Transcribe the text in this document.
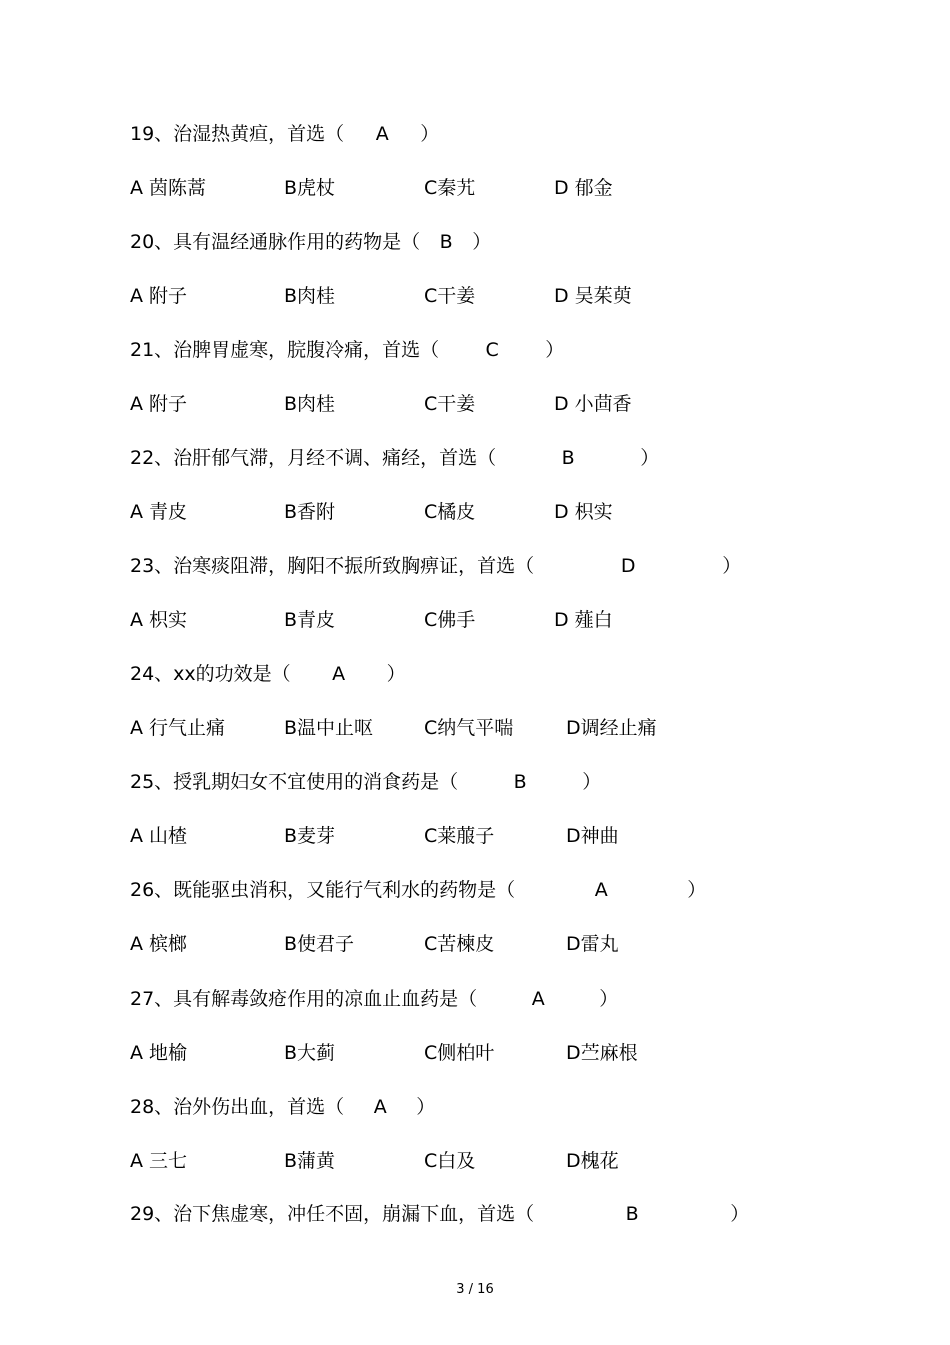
19、治湿热黄疸，首选（ A ）
A 茵陈蒿	B虎杖	C秦艽	D 郁金
20、具有温经通脉作用的药物是（ B ）
A 附子	B肉桂	C干姜	D 吴茱萸
21、治脾胃虚寒，脘腹冷痛，首选（ C ）
A 附子	B肉桂	C干姜	D 小茴香
22、治肝郁气滞，月经不调、痛经，首选（	B	）
A 青皮	B香附	C橘皮	D 枳实
23、治寒痰阻滞，胸阳不振所致胸痹证，首选（	D	）
A 枳实	B青皮	C佛手	D 薤白
24、xx的功效是（ A ）
A 行气止痛	B温中止呕	C纳气平喘	D调经止痛
25、授乳期妇女不宜使用的消食药是（	B	）
A 山楂	B麦芽	C莱菔子	D神曲
26、既能驱虫消积，又能行气利水的药物是（	A	）
A 槟榔	B使君子	C苦楝皮	D雷丸
27、具有解毒敛疮作用的凉血止血药是（	A	）
A 地榆	B大蓟	C侧柏叶	D苎麻根
28、治外伤出血，首选（ A ）
A 三七	B蒲黄	C白及	D槐花
29、治下焦虚寒，冲任不固，崩漏下血，首选（	B	）
3 / 16
